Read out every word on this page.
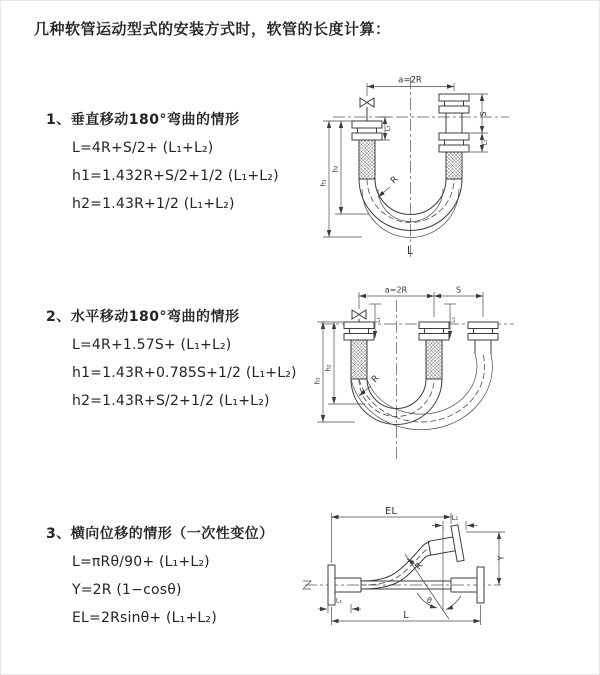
几种软管运动型式的安装方式时，软管的长度计算：
1、垂直移动180°弯曲的情形
L=4R+S/2+ (L₁+L₂)
h1=1.432R+S/2+1/2 (L₁+L₂)
h2=1.43R+1/2 (L₁+L₂)
2、水平移动180°弯曲的情形
L=4R+1.57S+ (L₁+L₂)
h1=1.43R+0.785S+1/2 (L₁+L₂)
h2=1.43R+S/2+1/2 (L₁+L₂)
3、横向位移的情形（一次性变位）
L=πRθ/90+ (L₁+L₂)
Y=2R (1−cosθ)
EL=2Rsinθ+ (L₁+L₂)
a=2R
S
L₂
L₁
h₂
h₁	R
L
a=2R	S
h₂
h₁
L₁	L₂
R
EL
L₁
Y
θ
R
L
L₁
